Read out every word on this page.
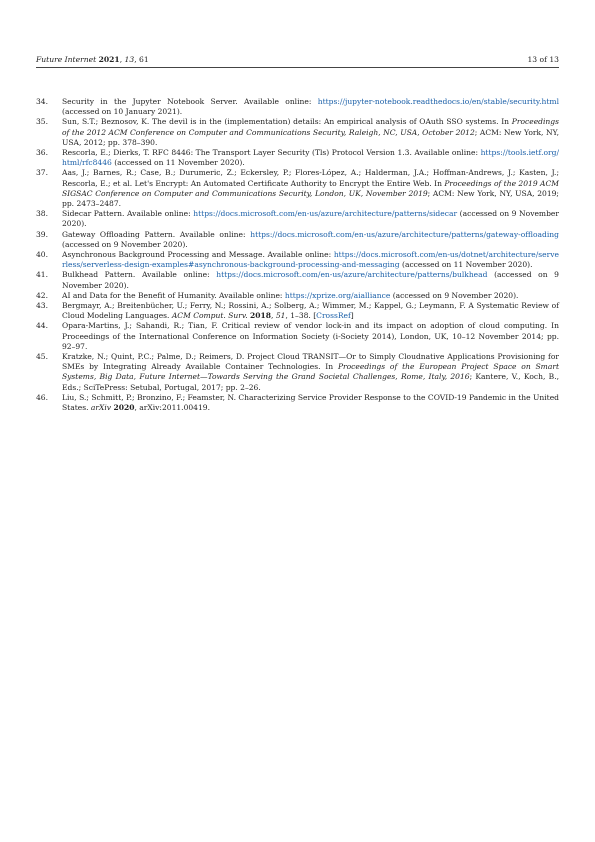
Future Internet 2021, 13, 61	13 of 13
34.	Security in the Jupyter Notebook Server. Available online: https://jupyter-notebook.readthedocs.io/en/stable/security.html (accessed on 10 January 2021).
35.	Sun, S.T.; Beznosov, K. The devil is in the (implementation) details: An empirical analysis of OAuth SSO systems. In Proceedings of the 2012 ACM Conference on Computer and Communications Security, Raleigh, NC, USA, October 2012; ACM: New York, NY, USA, 2012; pp. 378–390.
36.	Rescorla, E.; Dierks, T. RFC 8446: The Transport Layer Security (Tls) Protocol Version 1.3. Available online: https://tools.ietf.org/html/rfc8446 (accessed on 11 November 2020).
37.	Aas, J.; Barnes, R.; Case, B.; Durumeric, Z.; Eckersley, P.; Flores-López, A.; Halderman, J.A.; Hoffman-Andrews, J.; Kasten, J.; Rescorla, E.; et al. Let's Encrypt: An Automated Certificate Authority to Encrypt the Entire Web. In Proceedings of the 2019 ACM SIGSAC Conference on Computer and Communications Security, London, UK, November 2019; ACM: New York, NY, USA, 2019; pp. 2473–2487.
38.	Sidecar Pattern. Available online: https://docs.microsoft.com/en-us/azure/architecture/patterns/sidecar (accessed on 9 November 2020).
39.	Gateway Offloading Pattern. Available online: https://docs.microsoft.com/en-us/azure/architecture/patterns/gateway-offloading (accessed on 9 November 2020).
40.	Asynchronous Background Processing and Message. Available online: https://docs.microsoft.com/en-us/dotnet/architecture/serverless/serverless-design-examples#asynchronous-background-processing-and-messaging (accessed on 11 November 2020).
41.	Bulkhead Pattern. Available online: https://docs.microsoft.com/en-us/azure/architecture/patterns/bulkhead (accessed on 9 November 2020).
42.	AI and Data for the Benefit of Humanity. Available online: https://xprize.org/aialliance (accessed on 9 November 2020).
43.	Bergmayr, A.; Breitenbücher, U.; Ferry, N.; Rossini, A.; Solberg, A.; Wimmer, M.; Kappel, G.; Leymann, F. A Systematic Review of Cloud Modeling Languages. ACM Comput. Surv. 2018, 51, 1–38. [CrossRef]
44.	Opara-Martins, J.; Sahandi, R.; Tian, F. Critical review of vendor lock-in and its impact on adoption of cloud computing. In Proceedings of the International Conference on Information Society (i-Society 2014), London, UK, 10–12 November 2014; pp. 92–97.
45.	Kratzke, N.; Quint, P.C.; Palme, D.; Reimers, D. Project Cloud TRANSIT—Or to Simply Cloudnative Applications Provisioning for SMEs by Integrating Already Available Container Technologies. In Proceedings of the European Project Space on Smart Systems, Big Data, Future Internet—Towards Serving the Grand Societal Challenges, Rome, Italy, 2016; Kantere, V., Koch, B., Eds.; SciTePress: Setubal, Portugal, 2017; pp. 2–26.
46.	Liu, S.; Schmitt, P.; Bronzino, F.; Feamster, N. Characterizing Service Provider Response to the COVID-19 Pandemic in the United States. arXiv 2020, arXiv:2011.00419.
